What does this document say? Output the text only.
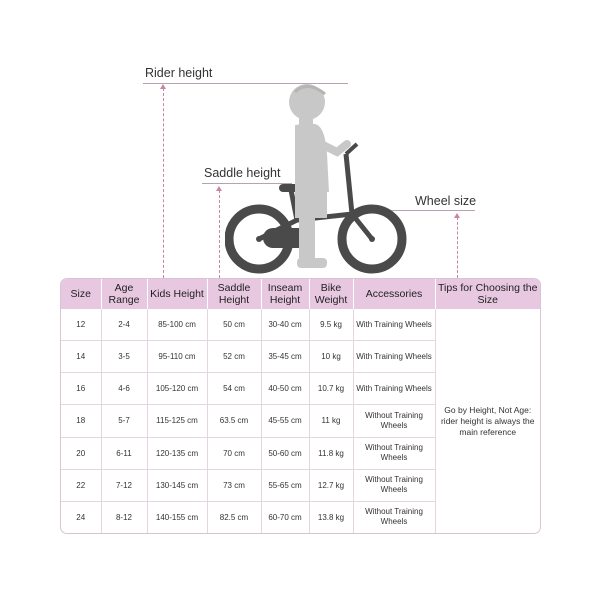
Rider height
Saddle height
Wheel size
Size	Age Range	Kids Height	Saddle Height	Inseam Height	Bike Weight	Accessories	Tips for Choosing the Size
12	2-4	85-100 cm	50 cm	30-40 cm	9.5 kg	With Training Wheels	Go by Height, Not Age: rider height is always the main reference
14	3-5	95-110 cm	52 cm	35-45 cm	10 kg	With Training Wheels	
16	4-6	105-120 cm	54 cm	40-50 cm	10.7 kg	With Training Wheels	
18	5-7	115-125 cm	63.5 cm	45-55 cm	11 kg	Without Training Wheels	
20	6-11	120-135 cm	70 cm	50-60 cm	11.8 kg	Without Training Wheels	
22	7-12	130-145 cm	73 cm	55-65 cm	12.7 kg	Without Training Wheels	
24	8-12	140-155 cm	82.5 cm	60-70 cm	13.8 kg	Without Training Wheels	
